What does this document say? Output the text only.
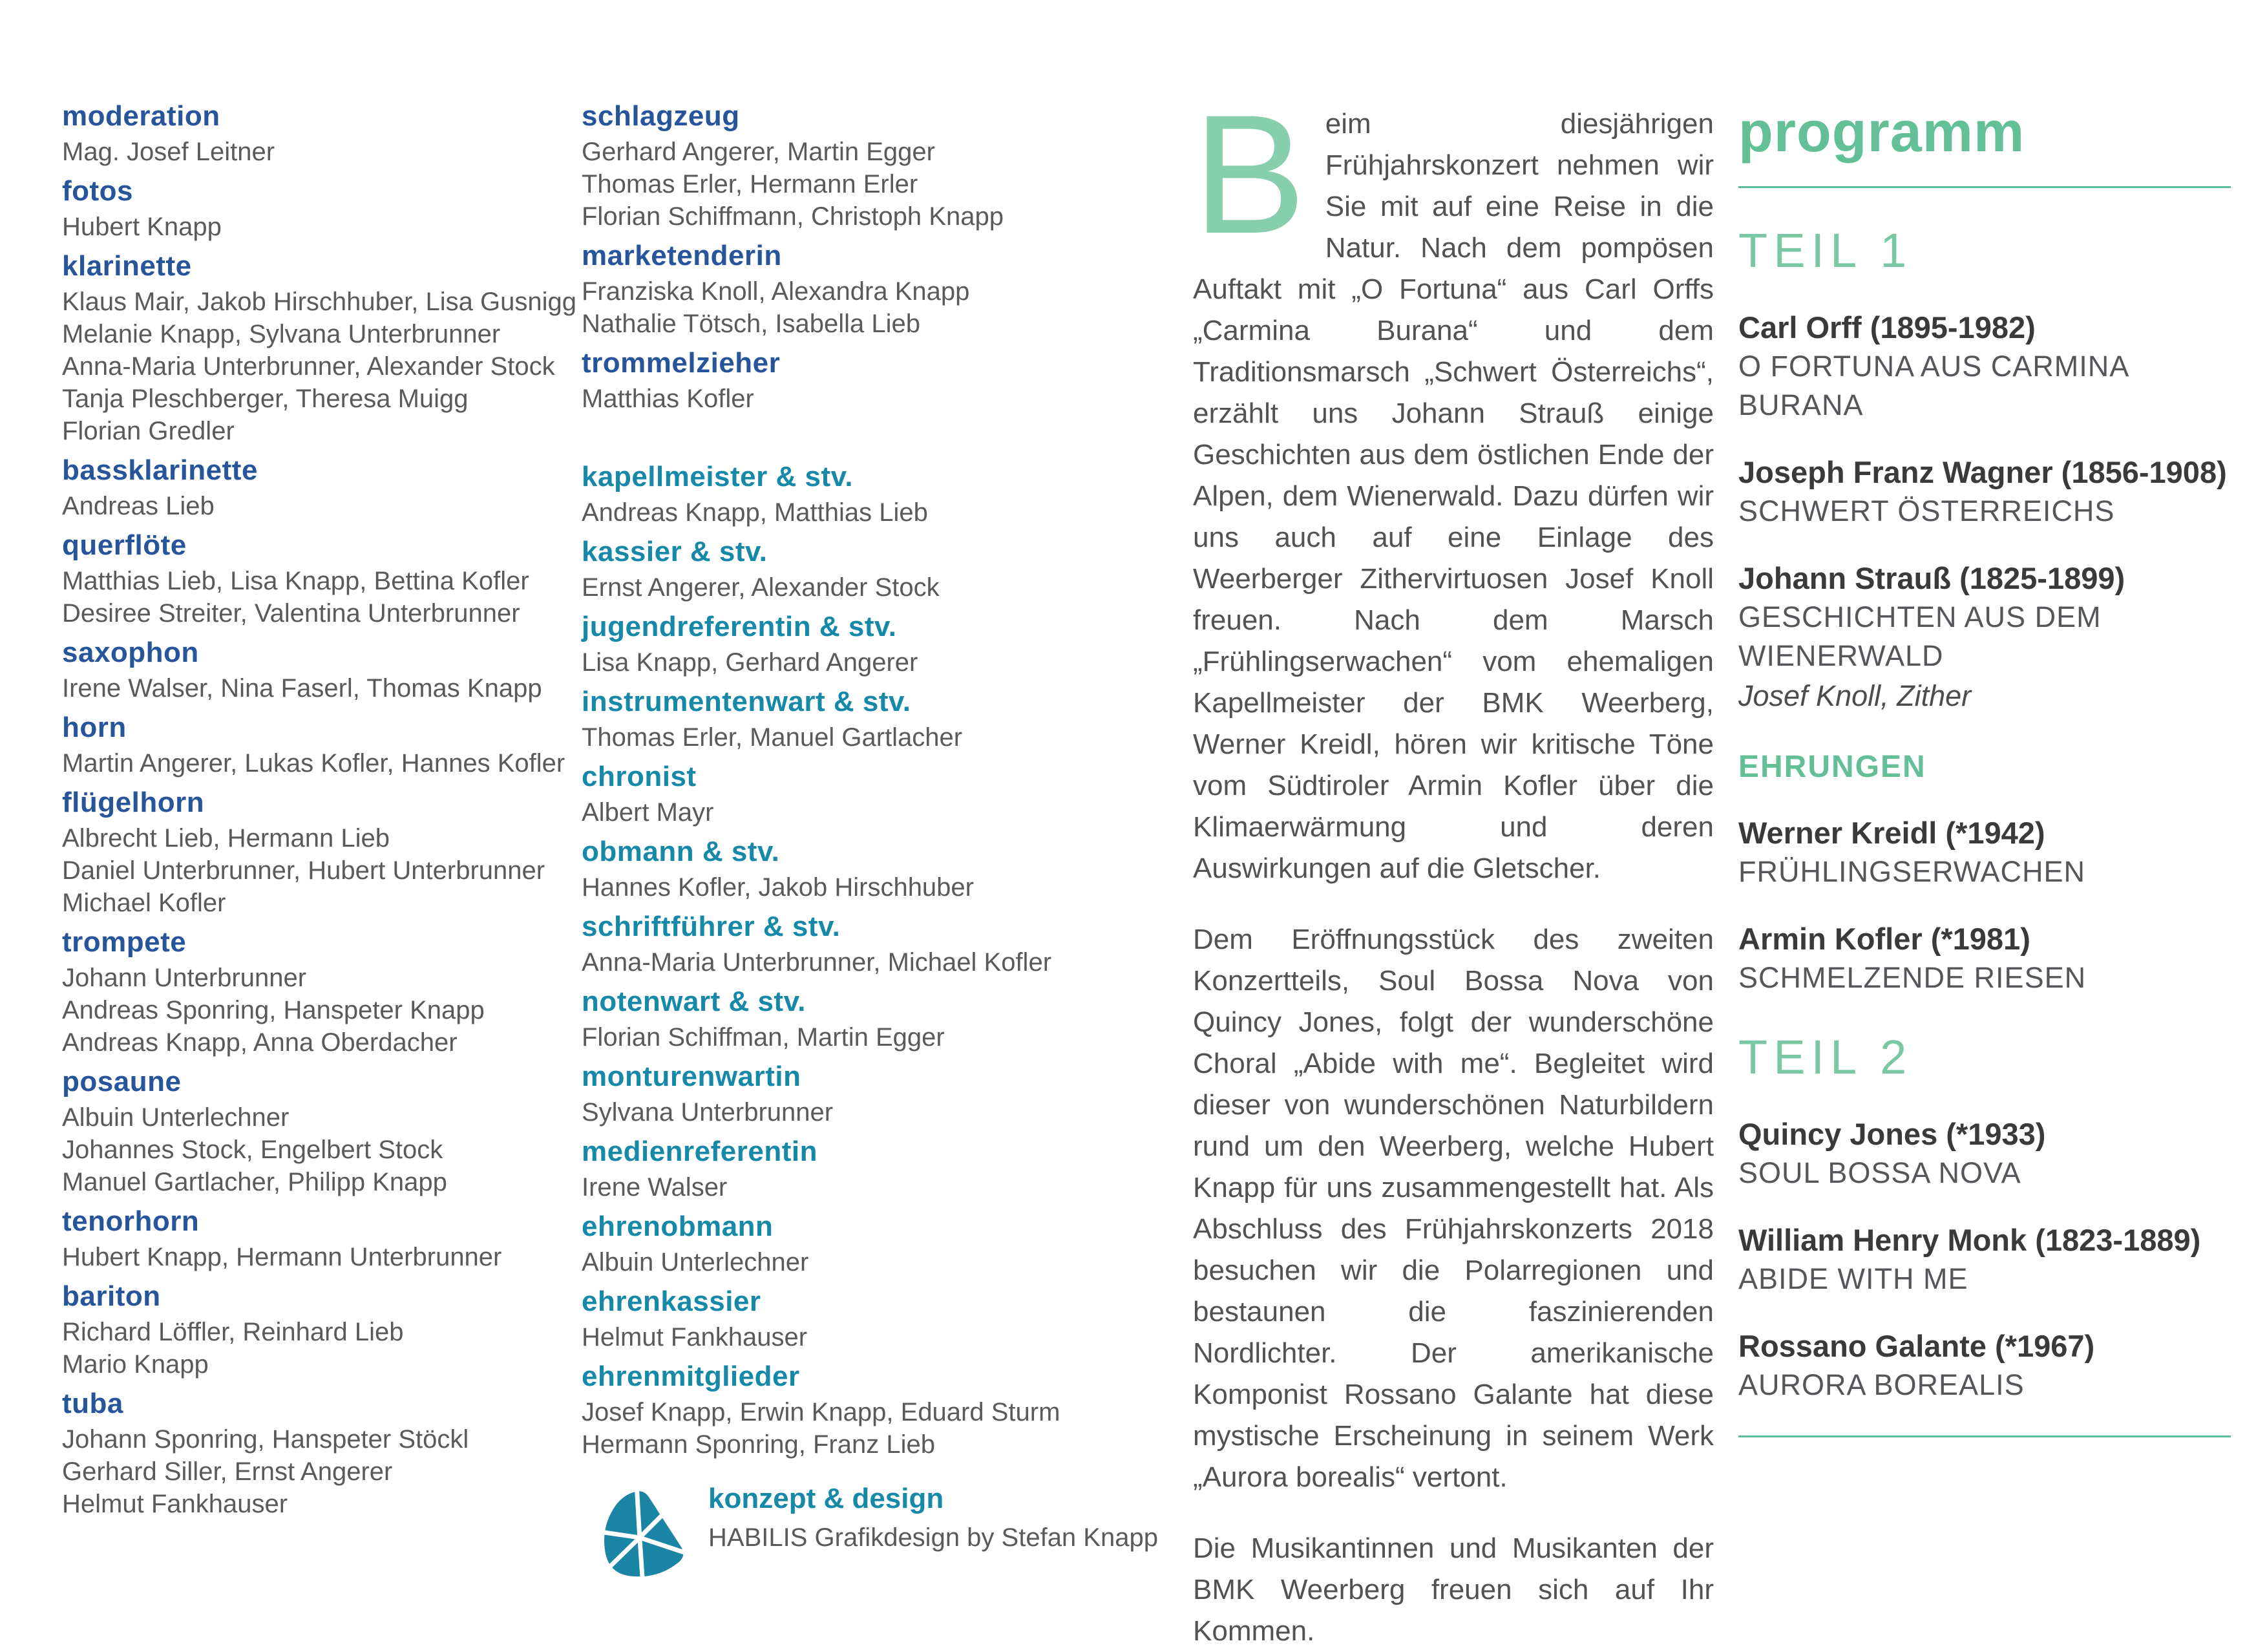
moderation
Mag. Josef Leitner
fotos
Hubert Knapp
klarinette
Klaus Mair, Jakob Hirschhuber, Lisa Gusnigg
Melanie Knapp, Sylvana Unterbrunner
Anna-Maria Unterbrunner, Alexander Stock
Tanja Pleschberger, Theresa Muigg
Florian Gredler
bassklarinette
Andreas Lieb
querflöte
Matthias Lieb, Lisa Knapp, Bettina Kofler
Desiree Streiter, Valentina Unterbrunner
saxophon
Irene Walser, Nina Faserl, Thomas Knapp
horn
Martin Angerer, Lukas Kofler, Hannes Kofler
flügelhorn
Albrecht Lieb, Hermann Lieb
Daniel Unterbrunner, Hubert Unterbrunner
Michael Kofler
trompete
Johann Unterbrunner
Andreas Sponring, Hanspeter Knapp
Andreas Knapp, Anna Oberdacher
posaune
Albuin Unterlechner
Johannes Stock, Engelbert Stock
Manuel Gartlacher, Philipp Knapp
tenorhorn
Hubert Knapp, Hermann Unterbrunner
bariton
Richard Löffler, Reinhard Lieb
Mario Knapp
tuba
Johann Sponring, Hanspeter Stöckl
Gerhard Siller, Ernst Angerer
Helmut Fankhauser
schlagzeug
Gerhard Angerer, Martin Egger
Thomas Erler, Hermann Erler
Florian Schiffmann, Christoph Knapp
marketenderin
Franziska Knoll, Alexandra Knapp
Nathalie Tötsch, Isabella Lieb
trommelzieher
Matthias Kofler
kapellmeister & stv.
Andreas Knapp, Matthias Lieb
kassier & stv.
Ernst Angerer, Alexander Stock
jugendreferentin & stv.
Lisa Knapp, Gerhard Angerer
instrumentenwart & stv.
Thomas Erler, Manuel Gartlacher
chronist
Albert Mayr
obmann & stv.
Hannes Kofler, Jakob Hirschhuber
schriftführer & stv.
Anna-Maria Unterbrunner, Michael Kofler
notenwart & stv.
Florian Schiffman, Martin Egger
monturenwartin
Sylvana Unterbrunner
medienreferentin
Irene Walser
ehrenobmann
Albuin Unterlechner
ehrenkassier
Helmut Fankhauser
ehrenmitglieder
Josef Knapp, Erwin Knapp, Eduard Sturm
Hermann Sponring, Franz Lieb
konzept & design
HABILIS Grafikdesign by Stefan Knapp

Beim diesjährigen Frühjahrskonzert nehmen wir Sie mit auf eine Reise in die Natur. Nach dem pompösen Auftakt mit „O Fortuna“ aus Carl Orffs „Carmina Burana“ und dem Traditionsmarsch „Schwert Österreichs“, erzählt uns Johann Strauß einige Geschichten aus dem östlichen Ende der Alpen, dem Wienerwald. Dazu dürfen wir uns auch auf eine Einlage des Weerberger Zithervirtuosen Josef Knoll freuen. Nach dem Marsch „Frühlingserwachen“ vom ehemaligen Kapellmeister der BMK Weerberg, Werner Kreidl, hören wir kritische Töne vom Südtiroler Armin Kofler über die Klimaerwärmung und deren Auswirkungen auf die Gletscher.

Dem Eröffnungsstück des zweiten Konzertteils, Soul Bossa Nova von Quincy Jones, folgt der wunderschöne Choral „Abide with me“. Begleitet wird dieser von wunderschönen Naturbildern rund um den Weerberg, welche Hubert Knapp für uns zusammengestellt hat. Als Abschluss des Frühjahrskonzerts 2018 besuchen wir die Polarregionen und bestaunen die faszinierenden Nordlichter. Der amerikanische Komponist Rossano Galante hat diese mystische Erscheinung in seinem Werk „Aurora borealis“ vertont.

Die Musikantinnen und Musikanten der BMK Weerberg freuen sich auf Ihr Kommen.

programm
TEIL 1
Carl Orff (1895-1982)
O FORTUNA AUS CARMINA BURANA
Joseph Franz Wagner (1856-1908)
SCHWERT ÖSTERREICHS
Johann Strauß (1825-1899)
GESCHICHTEN AUS DEM
WIENERWALD
Josef Knoll, Zither
EHRUNGEN
Werner Kreidl (*1942)
FRÜHLINGSERWACHEN
Armin Kofler (*1981)
SCHMELZENDE RIESEN
TEIL 2
Quincy Jones (*1933)
SOUL BOSSA NOVA
William Henry Monk (1823-1889)
ABIDE WITH ME
Rossano Galante (*1967)
AURORA BOREALIS
